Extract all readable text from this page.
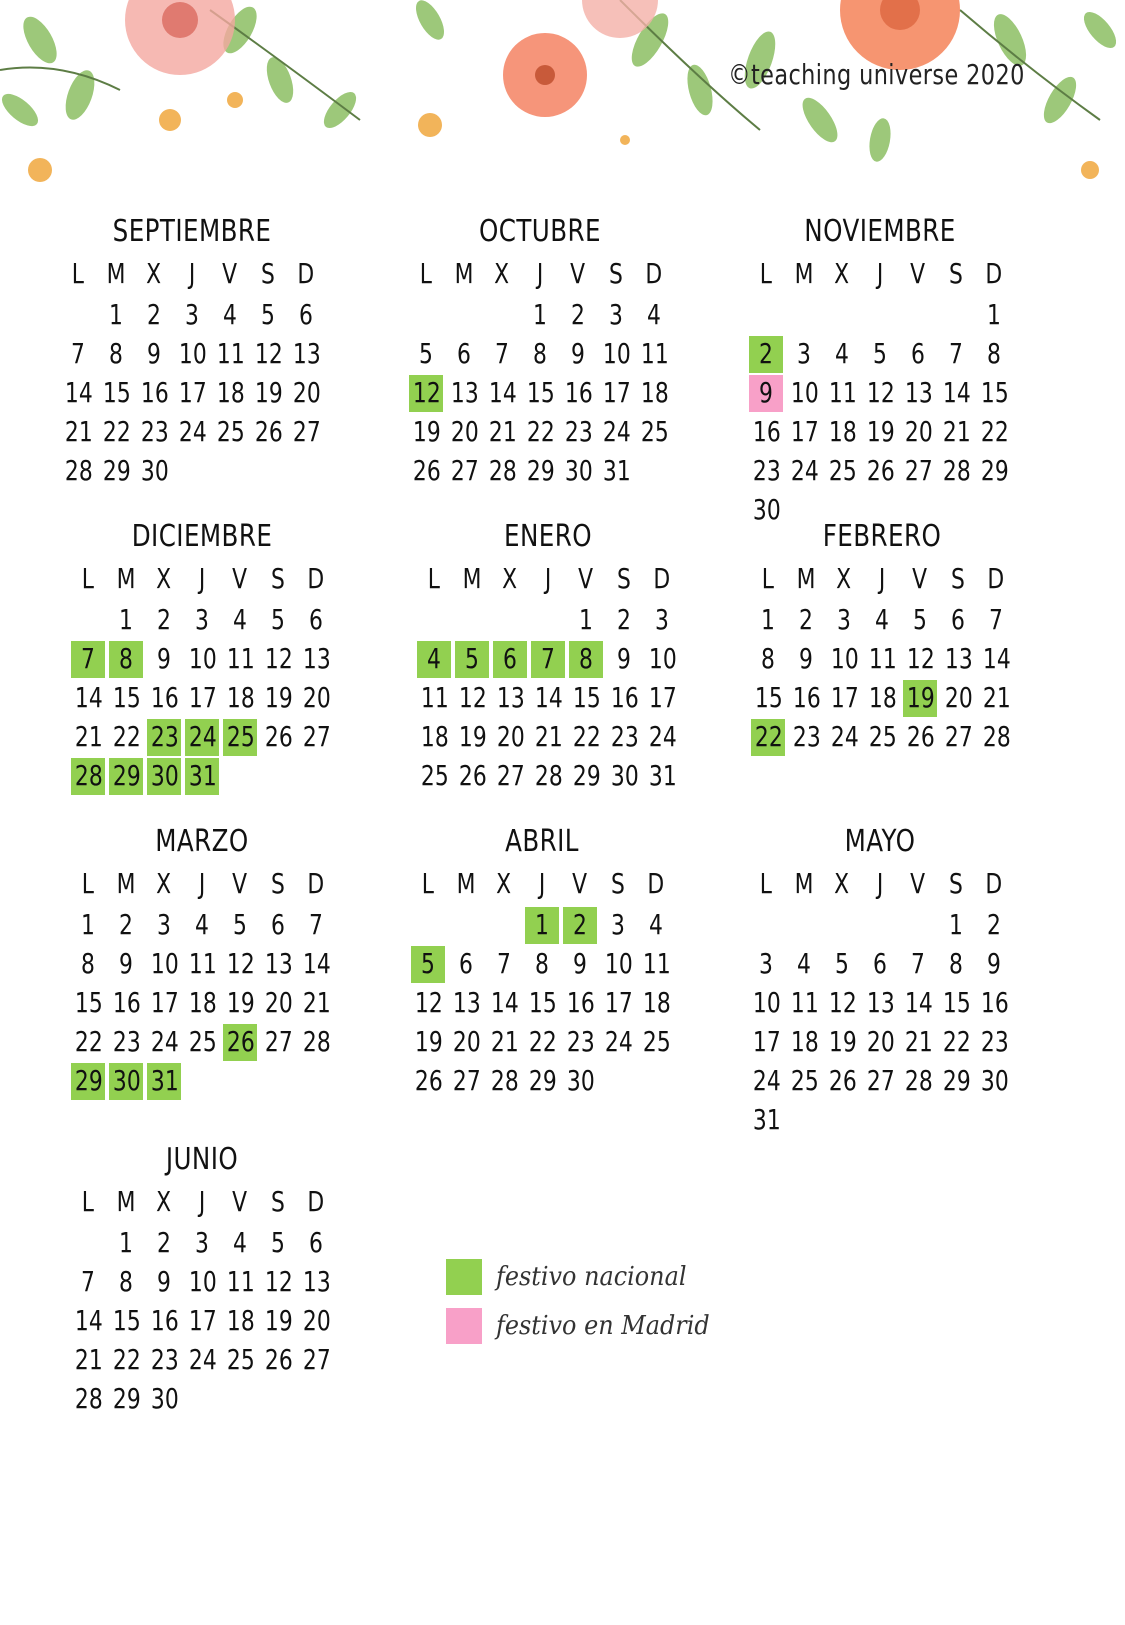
©teaching universe 2020
SEPTIEMBRE
L M X J V S D
1 2 3 4 5 6
7 8 9 10 11 12 13
14 15 16 17 18 19 20
21 22 23 24 25 26 27
28 29 30
OCTUBRE
L M X J V S D
1 2 3 4
5 6 7 8 9 10 11
12 13 14 15 16 17 18
19 20 21 22 23 24 25
26 27 28 29 30 31
NOVIEMBRE
L M X J V S D
1
2 3 4 5 6 7 8
9 10 11 12 13 14 15
16 17 18 19 20 21 22
23 24 25 26 27 28 29
30
DICIEMBRE
L M X J V S D
1 2 3 4 5 6
7 8 9 10 11 12 13
14 15 16 17 18 19 20
21 22 23 24 25 26 27
28 29 30 31
ENERO
L M X J V S D
1 2 3
4 5 6 7 8 9 10
11 12 13 14 15 16 17
18 19 20 21 22 23 24
25 26 27 28 29 30 31
FEBRERO
L M X J V S D
1 2 3 4 5 6 7
8 9 10 11 12 13 14
15 16 17 18 19 20 21
22 23 24 25 26 27 28
MARZO
L M X J V S D
1 2 3 4 5 6 7
8 9 10 11 12 13 14
15 16 17 18 19 20 21
22 23 24 25 26 27 28
29 30 31
ABRIL
L M X J V S D
1 2 3 4
5 6 7 8 9 10 11
12 13 14 15 16 17 18
19 20 21 22 23 24 25
26 27 28 29 30
MAYO
L M X J V S D
1 2
3 4 5 6 7 8 9
10 11 12 13 14 15 16
17 18 19 20 21 22 23
24 25 26 27 28 29 30
31
JUNIO
L M X J V S D
1 2 3 4 5 6
7 8 9 10 11 12 13
14 15 16 17 18 19 20
21 22 23 24 25 26 27
28 29 30
festivo nacional
festivo en Madrid
